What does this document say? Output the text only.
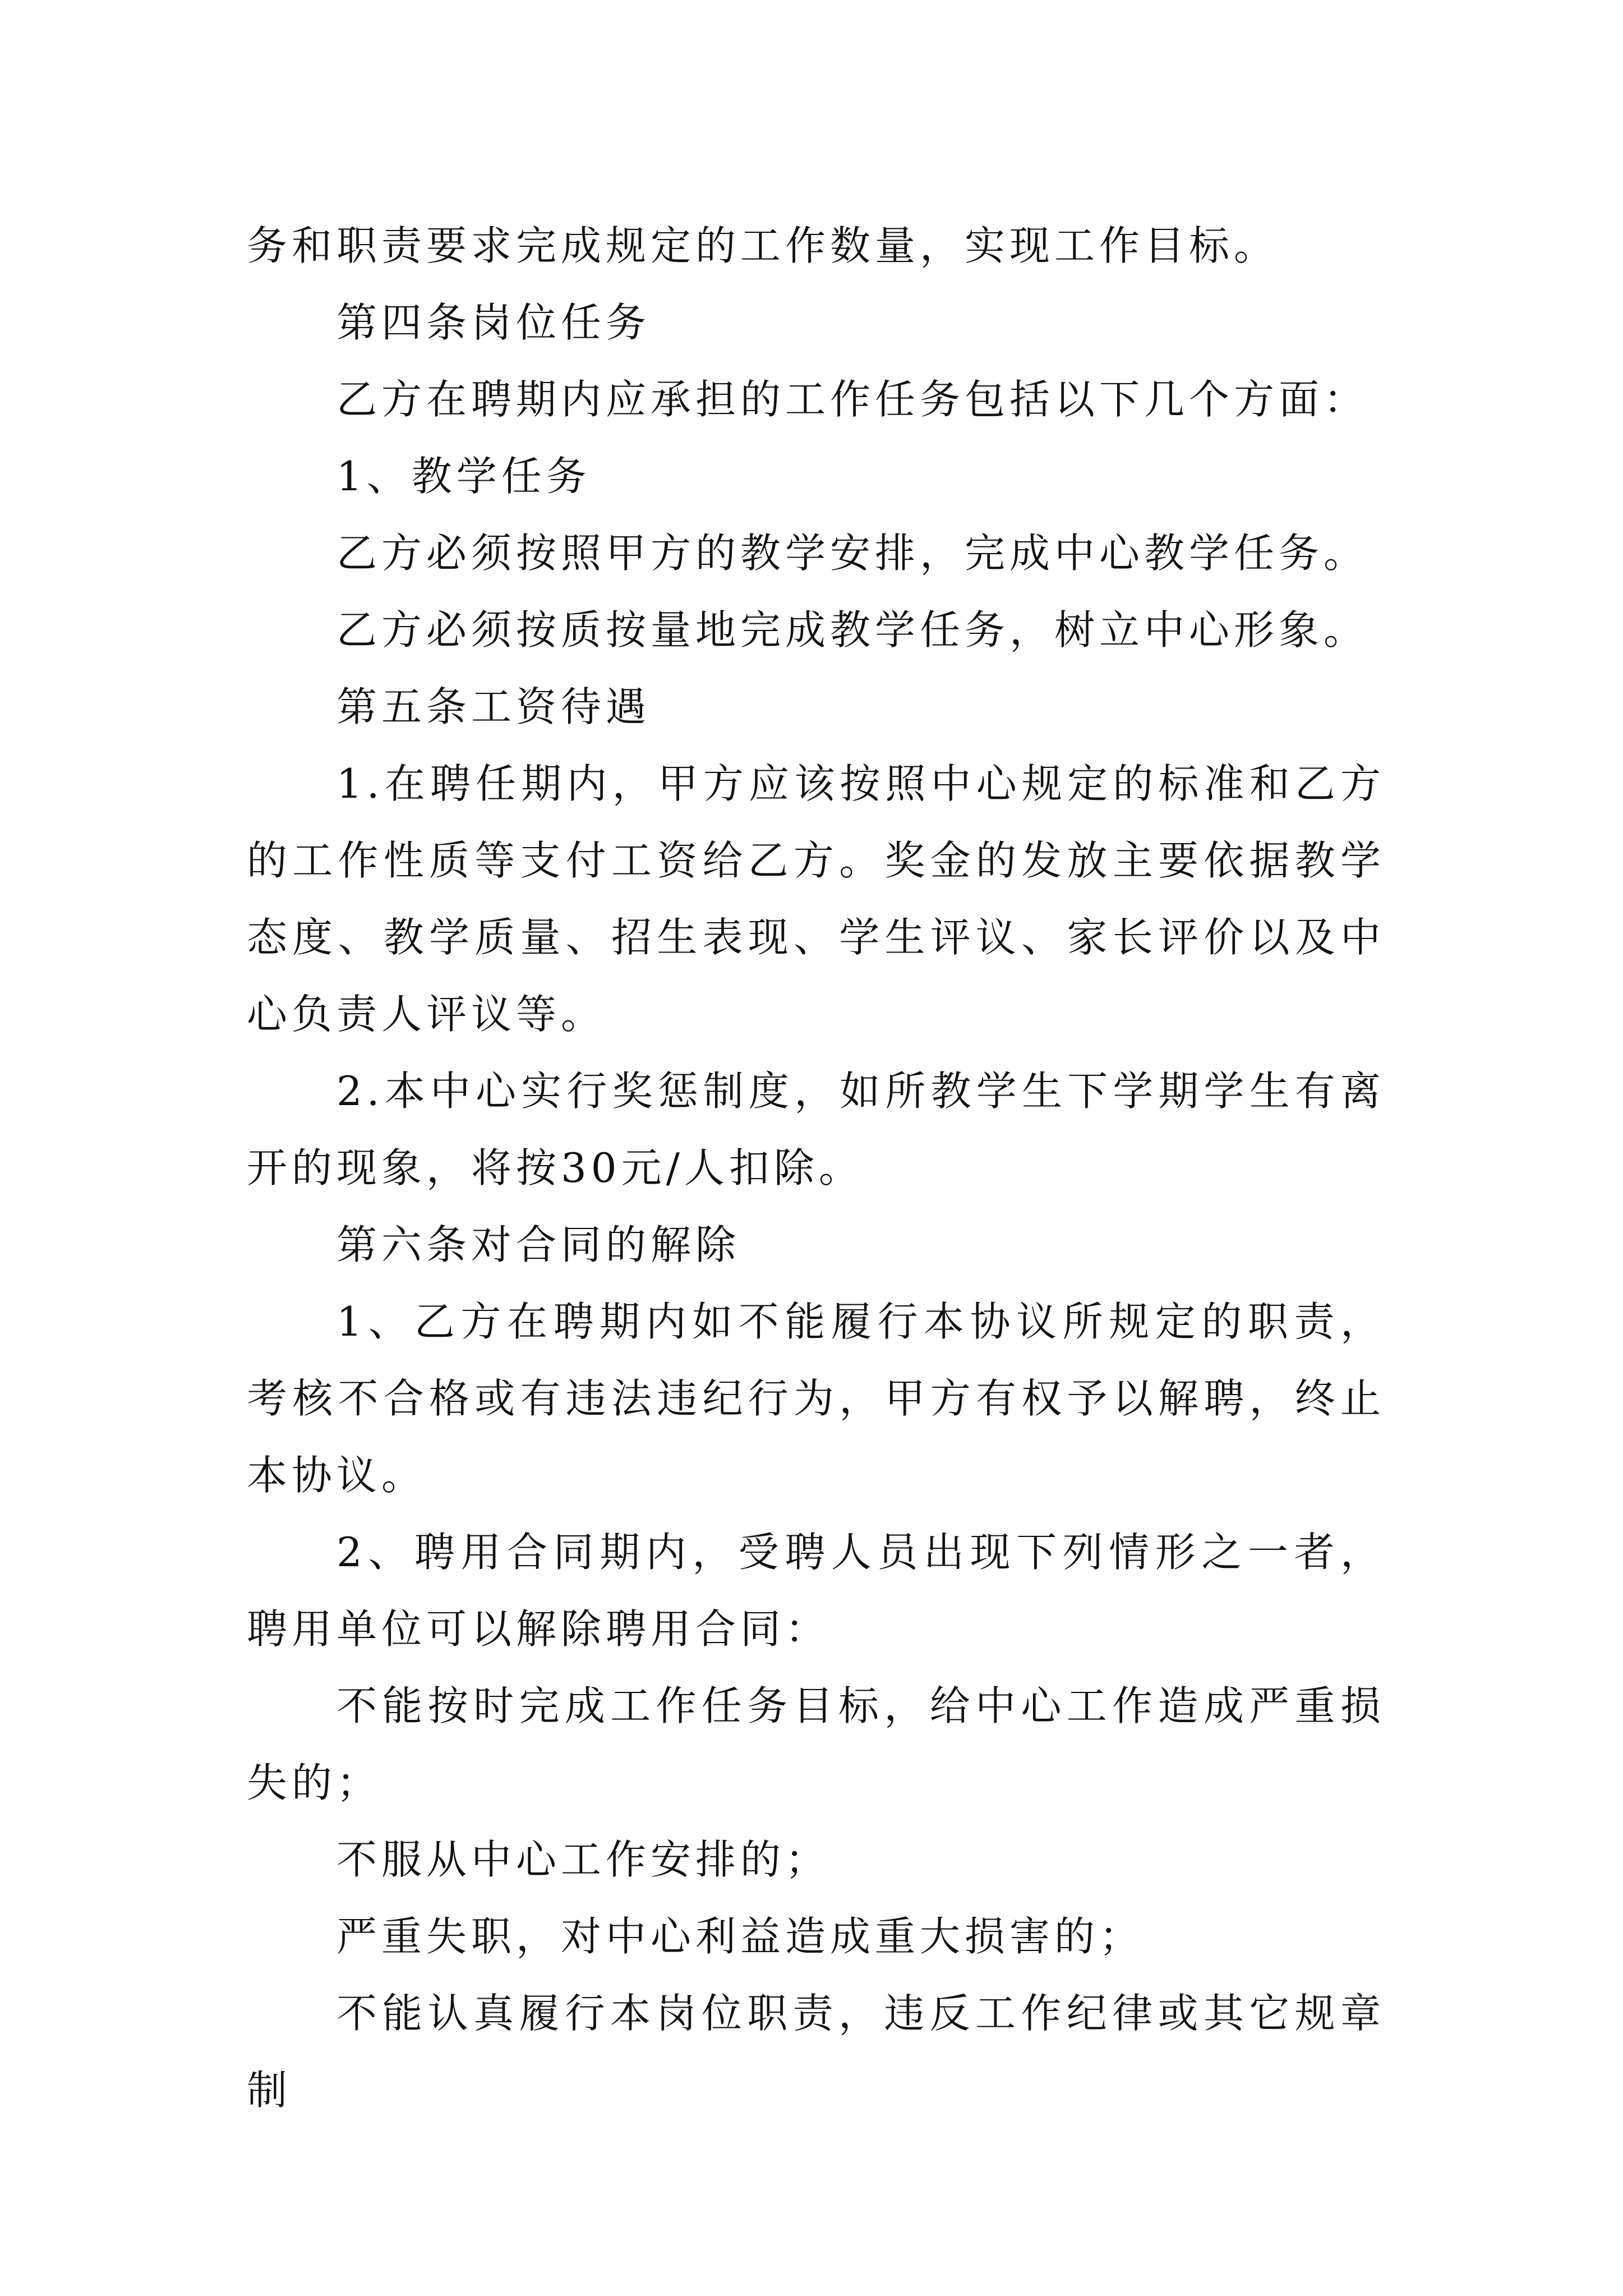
务和职责要求完成规定的工作数量，实现工作目标。

第四条岗位任务

乙方在聘期内应承担的工作任务包括以下几个方面：

1、教学任务

乙方必须按照甲方的教学安排，完成中心教学任务。

乙方必须按质按量地完成教学任务，树立中心形象。

第五条工资待遇

1.在聘任期内，甲方应该按照中心规定的标准和乙方的工作性质等支付工资给乙方。奖金的发放主要依据教学态度、教学质量、招生表现、学生评议、家长评价以及中心负责人评议等。

2.本中心实行奖惩制度，如所教学生下学期学生有离开的现象，将按30元/人扣除。

第六条对合同的解除

1、乙方在聘期内如不能履行本协议所规定的职责，考核不合格或有违法违纪行为，甲方有权予以解聘，终止本协议。

2、聘用合同期内，受聘人员出现下列情形之一者，聘用单位可以解除聘用合同：

不能按时完成工作任务目标，给中心工作造成严重损失的；

不服从中心工作安排的；

严重失职，对中心利益造成重大损害的；

不能认真履行本岗位职责，违反工作纪律或其它规章制
